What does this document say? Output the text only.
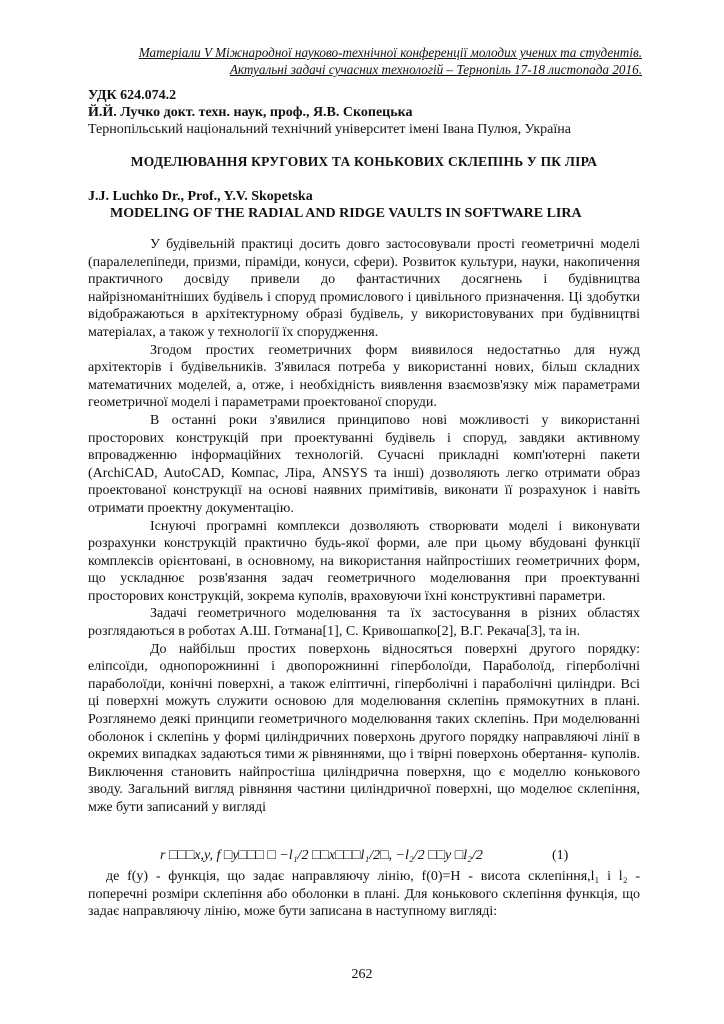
Матеріали V Міжнародної науково-технічної конференції молодих учених та студентів.
Актуальні задачі сучасних технологій – Тернопіль 17-18 листопада 2016.
УДК 624.074.2
Й.Й. Лучко докт. техн. наук, проф., Я.В. Скопецька
Тернопільський національний технічний університет імені Івана Пулюя, Україна
МОДЕЛЮВАННЯ КРУГОВИХ ТА КОНЬКОВИХ СКЛЕПІНЬ У ПК ЛІРА
J.J. Luchko Dr., Prof., Y.V. Skopetska
MODELING OF THE RADIAL AND RIDGE VAULTS IN SOFTWARE LIRA

У будівельній практиці досить довго застосовували прості геометричні моделі (паралелепіпеди, призми, піраміди, конуси, сфери). Розвиток культури, науки, накопичення практичного досвіду привели до фантастичних досягнень і будівництва найрізноманітніших будівель і споруд промислового і цивільного призначення. Ці здобутки відображаються в архітектурному образі будівель, у використовуваних при будівництві матеріалах, а також у технології їх спорудження.

Згодом простих геометричних форм виявилося недостатньо для нужд архітекторів і будівельників. З'явилася потреба у використанні нових, більш складних математичних моделей, а, отже, і необхідність виявлення взаємозв'язку між параметрами геометричної моделі і параметрами проектованої споруди.

В останні роки з'явилися принципово нові можливості у використанні просторових конструкцій при проектуванні будівель і споруд, завдяки активному впровадженню інформаційних технологій. Сучасні прикладні комп'ютерні пакети (ArchiCAD, AutoCAD, Компас, Ліра, ANSYS та інші) дозволяють легко отримати образ проектованої конструкції на основі наявних примітивів, виконати її розрахунок і навіть отримати проектну документацію.

Існуючі програмні комплекси дозволяють створювати моделі і виконувати розрахунки конструкцій практично будь-якої форми, але при цьому вбудовані функції комплексів орієнтовані, в основному, на використання найпростіших геометричних форм, що ускладнює розв'язання задач геометричного моделювання при проектуванні просторових конструкцій, зокрема куполів, враховуючи їхні конструктивні параметри.

Задачі геометричного моделювання та їх застосування в різних областях розглядаються в роботах А.Ш. Готмана[1], С. Кривошапко[2], В.Г. Рекача[3], та ін.

До найбільш простих поверхонь відносяться поверхні другого порядку: еліпсоїди, однопорожнинні і двопорожнинні гіперболоїди, Параболоїд, гіперболічні параболоїди, конічні поверхні, а також еліптичні, гіперболічні і параболічні циліндри. Всі ці поверхні можуть служити основою для моделювання склепінь прямокутних в плані. Розглянемо деякі принципи геометричного моделювання таких склепінь. При моделюванні оболонок і склепінь у формі циліндричних поверхонь другого порядку направляючі лінії в окремих випадках задаються тими ж рівняннями, що і твірні поверхонь обертання- куполів. Виключення становить найпростіша циліндрична поверхня, що є моделлю конькового зводу. Загальний вигляд рівняння частини циліндричної поверхні, що моделює склепіння, мже бути записаний у вигляді

r □□□x,y, f □y□□□ □ −l₁/2 □□x□□□l₁/2□, −l₂/2 □□y □l₂/2	(1)

де f(y) - функція, що задає направляючу лінію, f(0)=H - висота склепіння,l₁ і l₂ - поперечні розміри склепіння або оболонки в плані. Для конькового склепіння функція, що задає направляючу лінію, може бути записана в наступному вигляді:

262
